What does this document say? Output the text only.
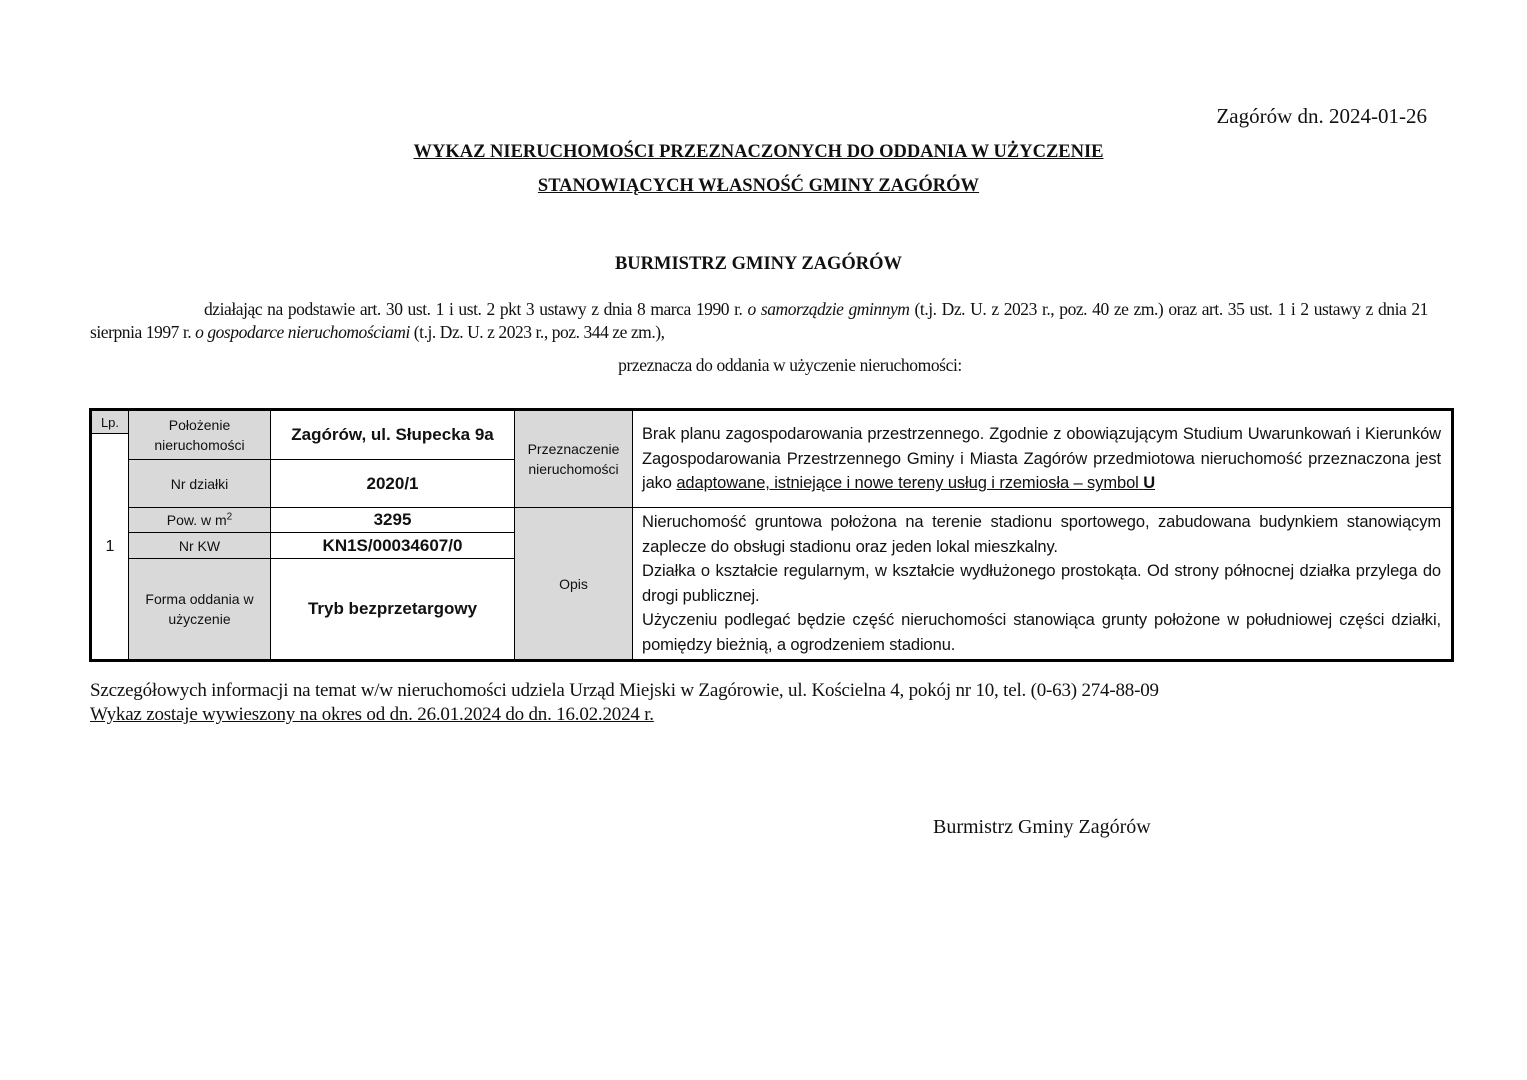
Zagórów dn. 2024-01-26
WYKAZ NIERUCHOMOŚCI PRZEZNACZONYCH DO ODDANIA W UŻYCZENIE
STANOWIĄCYCH WŁASNOŚĆ GMINY ZAGÓRÓW
BURMISTRZ GMINY ZAGÓRÓW
działając na podstawie art. 30 ust. 1 i ust. 2 pkt 3 ustawy z dnia 8 marca 1990 r. o samorządzie gminnym (t.j. Dz. U. z 2023 r., poz. 40 ze zm.) oraz art. 35 ust. 1 i 2 ustawy z dnia 21 sierpnia 1997 r. o gospodarce nieruchomościami (t.j. Dz. U. z 2023 r., poz. 344 ze zm.),
przeznacza do oddania w użyczenie nieruchomości:
Lp.	Położenie nieruchomości	Zagórów, ul. Słupecka 9a	Przeznaczenie nieruchomości	Brak planu zagospodarowania przestrzennego. Zgodnie z obowiązującym Studium Uwarunkowań i Kierunków Zagospodarowania Przestrzennego Gminy i Miasta Zagórów przedmiotowa nieruchomość przeznaczona jest jako adaptowane, istniejące i nowe tereny usług i rzemiosła – symbol U
1				
	Nr działki	2020/1		

	Pow. w $m^2$	3295	Opis	Nieruchomość gruntowa położona na terenie stadionu sportowego, zabudowana budynkiem stanowiącym zaplecze do obsługi stadionu oraz jeden lokal mieszkalny.

Działka o kształcie regularnym, w kształcie wydłużonego prostokąta. Od strony północnej działka przylega do drogi publicznej.

Użyczeniu podlegać będzie część nieruchomości stanowiąca grunty położone w południowej części działki, pomiędzy bieżnią, a ogrodzeniem stadionu.

	Nr KW	KN1S/00034607/0		
	Forma oddania w użyczenie	Tryb bezprzetargowy		

Szczegółowych informacji na temat w/w nieruchomości udziela Urząd Miejski w Zagórowie, ul. Kościelna 4, pokój nr 10, tel. (0-63) 274-88-09
Wykaz zostaje wywieszony na okres od dn. 26.01.2024 do dn. 16.02.2024 r.
Burmistrz Gminy Zagórów
